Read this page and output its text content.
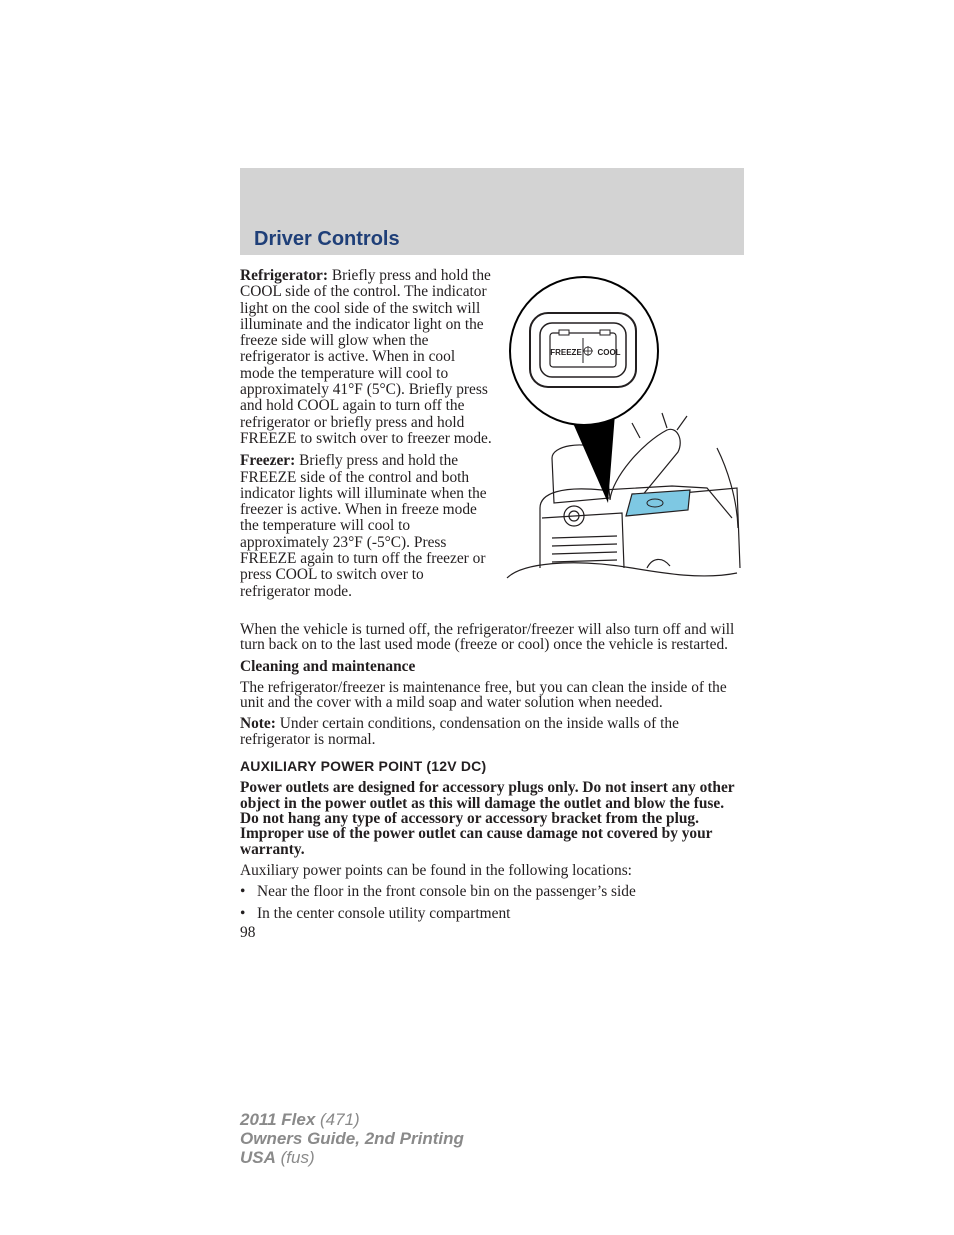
Driver Controls

Refrigerator: Briefly press and hold the COOL side of the control. The indicator light on the cool side of the switch will illuminate and the indicator light on the freeze side will glow when the refrigerator is active. When in cool mode the temperature will cool to approximately 41°F (5°C). Briefly press and hold COOL again to turn off the refrigerator or briefly press and hold FREEZE to switch over to freezer mode.

Freezer: Briefly press and hold the FREEZE side of the control and both indicator lights will illuminate when the freezer is active. When in freeze mode the temperature will cool to approximately 23°F (-5°C). Press FREEZE again to turn off the freezer or press COOL to switch over to refrigerator mode.

FREEZE COOL

When the vehicle is turned off, the refrigerator/freezer will also turn off and will turn back on to the last used mode (freeze or cool) once the vehicle is restarted.

Cleaning and maintenance

The refrigerator/freezer is maintenance free, but you can clean the inside of the unit and the cover with a mild soap and water solution when needed.

Note: Under certain conditions, condensation on the inside walls of the refrigerator is normal.

AUXILIARY POWER POINT (12V DC)

Power outlets are designed for accessory plugs only. Do not insert any other object in the power outlet as this will damage the outlet and blow the fuse. Do not hang any type of accessory or accessory bracket from the plug. Improper use of the power outlet can cause damage not covered by your warranty.

Auxiliary power points can be found in the following locations:

• Near the floor in the front console bin on the passenger’s side

• In the center console utility compartment

98

2011 Flex (471)
Owners Guide, 2nd Printing
USA (fus)
